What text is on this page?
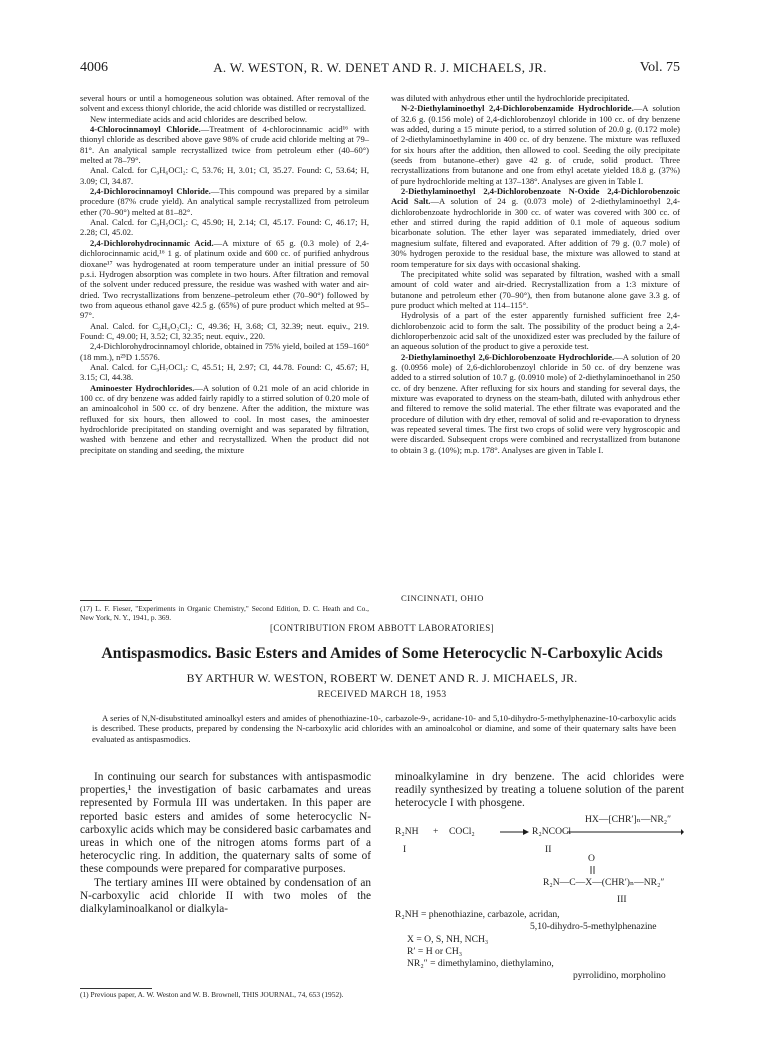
4006	A. W. WESTON, R. W. DENET AND R. J. MICHAELS, JR.	Vol. 75

several hours or until a homogeneous solution was obtained. After removal of the solvent and excess thionyl chloride, the acid chloride was distilled or recrystallized.

New intermediate acids and acid chlorides are described below.

4-Chlorocinnamoyl Chloride.—Treatment of 4-chlorocinnamic acid¹⁶ with thionyl chloride as described above gave 98% of crude acid chloride melting at 79–81°. An analytical sample recrystallized twice from petroleum ether (40–60°) melted at 78–79°.

Anal. Calcd. for C₉H₆OCl₂: C, 53.76; H, 3.01; Cl, 35.27. Found: C, 53.64; H, 3.09; Cl, 34.87.

2,4-Dichlorocinnamoyl Chloride.—This compound was prepared by a similar procedure (87% crude yield). An analytical sample recrystallized from petroleum ether (70–90°) melted at 81–82°.

Anal. Calcd. for C₉H₅OCl₃: C, 45.90; H, 2.14; Cl, 45.17. Found: C, 46.17; H, 2.28; Cl, 45.02.

2,4-Dichlorohydrocinnamic Acid.—A mixture of 65 g. (0.3 mole) of 2,4-dichlorocinnamic acid,¹⁶ 1 g. of platinum oxide and 600 cc. of purified anhydrous dioxane¹⁷ was hydrogenated at room temperature under an initial pressure of 50 p.s.i. Hydrogen absorption was complete in two hours. After filtration and removal of the solvent under reduced pressure, the residue was washed with water and air-dried. Two recrystallizations from benzene–petroleum ether (70–90°) followed by two from aqueous ethanol gave 42.5 g. (65%) of pure product which melted at 95–97°.

Anal. Calcd. for C₉H₈O₂Cl₂: C, 49.36; H, 3.68; Cl, 32.39; neut. equiv., 219. Found: C, 49.00; H, 3.52; Cl, 32.35; neut. equiv., 220.

2,4-Dichlorohydrocinnamoyl chloride, obtained in 75% yield, boiled at 159–160° (18 mm.), n²⁵D 1.5576.

Anal. Calcd. for C₉H₇OCl₃: C, 45.51; H, 2.97; Cl, 44.78. Found: C, 45.67; H, 3.15; Cl, 44.38.

Aminoester Hydrochlorides.—A solution of 0.21 mole of an acid chloride in 100 cc. of dry benzene was added fairly rapidly to a stirred solution of 0.20 mole of an aminoalcohol in 500 cc. of dry benzene. After the addition, the mixture was refluxed for six hours, then allowed to cool. In most cases, the aminoester hydrochloride precipitated on standing overnight and was separated by filtration, washed with benzene and ether and recrystallized. When the product did not precipitate on standing and seeding, the mixture

was diluted with anhydrous ether until the hydrochloride precipitated.

N-2-Diethylaminoethyl 2,4-Dichlorobenzamide Hydrochloride.—A solution of 32.6 g. (0.156 mole) of 2,4-dichlorobenzoyl chloride in 100 cc. of dry benzene was added, during a 15 minute period, to a stirred solution of 20.0 g. (0.172 mole) of 2-diethylaminoethylamine in 400 cc. of dry benzene. The mixture was refluxed for six hours after the addition, then allowed to cool. Seeding the oily precipitate (seeds from butanone–ether) gave 42 g. of crude, solid product. Three recrystallizations from butanone and one from ethyl acetate yielded 18.8 g. (37%) of pure hydrochloride melting at 137–138°. Analyses are given in Table I.

2-Diethylaminoethyl 2,4-Dichlorobenzoate N-Oxide 2,4-Dichlorobenzoic Acid Salt.—A solution of 24 g. (0.073 mole) of 2-diethylaminoethyl 2,4-dichlorobenzoate hydrochloride in 300 cc. of water was covered with 300 cc. of ether and stirred during the rapid addition of 0.1 mole of aqueous sodium bicarbonate solution. The ether layer was separated immediately, dried over magnesium sulfate, filtered and evaporated. After addition of 79 g. (0.7 mole) of 30% hydrogen peroxide to the residual base, the mixture was allowed to stand at room temperature for six days with occasional shaking.

The precipitated white solid was separated by filtration, washed with a small amount of cold water and air-dried. Recrystallization from a 1:3 mixture of butanone and petroleum ether (70–90°), then from butanone alone gave 3.3 g. of pure product which melted at 114–115°.

Hydrolysis of a part of the ester apparently furnished sufficient free 2,4-dichlorobenzoic acid to form the salt. The possibility of the product being a 2,4-dichloroperbenzoic acid salt of the unoxidized ester was precluded by the failure of an aqueous solution of the product to give a peroxide test.

2-Diethylaminoethyl 2,6-Dichlorobenzoate Hydrochloride.—A solution of 20 g. (0.0956 mole) of 2,6-dichlorobenzoyl chloride in 50 cc. of dry benzene was added to a stirred solution of 10.7 g. (0.0910 mole) of 2-diethylaminoethanol in 250 cc. of dry benzene. After refluxing for six hours and standing for several days, the mixture was evaporated to dryness on the steam-bath, diluted with anhydrous ether and filtered to remove the solid material. The ether filtrate was evaporated and the procedure of dilution with dry ether, removal of solid and re-evaporation to dryness was repeated several times. The first two crops of solid were very hygroscopic and were discarded. Subsequent crops were combined and recrystallized from butanone to obtain 3 g. (10%); m.p. 178°. Analyses are given in Table I.

(17) L. F. Fieser, "Experiments in Organic Chemistry," Second Edition, D. C. Heath and Co., New York, N. Y., 1941, p. 369.
CINCINNATI, OHIO
[CONTRIBUTION FROM ABBOTT LABORATORIES]
Antispasmodics. Basic Esters and Amides of Some Heterocyclic N-Carboxylic Acids
BY ARTHUR W. WESTON, ROBERT W. DENET AND R. J. MICHAELS, JR.
RECEIVED MARCH 18, 1953
A series of N,N-disubstituted aminoalkyl esters and amides of phenothiazine-10-, carbazole-9-, acridane-10- and 5,10-dihydro-5-methylphenazine-10-carboxylic acids is described. These products, prepared by condensing the N-carboxylic acid chlorides with an aminoalcohol or diamine, and some of their quaternary salts have been evaluated as antispasmodics.

In continuing our search for substances with antispasmodic properties,¹ the investigation of basic carbamates and ureas represented by Formula III was undertaken. In this paper are reported basic esters and amides of some heterocyclic N-carboxylic acids which may be considered basic carbamates and ureas in which one of the nitrogen atoms forms part of a heterocyclic ring. In addition, the quaternary salts of some of these compounds were prepared for comparative purposes.

The tertiary amines III were obtained by condensation of an N-carboxylic acid chloride II with two moles of the dialkylaminoalkanol or dialkyla-

minoalkylamine in dry benzene. The acid chlorides were readily synthesized by treating a toluene solution of the parent heterocycle I with phosgene.

(1) Previous paper, A. W. Weston and W. B. Brownell, THIS JOURNAL, 74, 653 (1952).
R₂NH + COCl₂	R₂NCOCl
I	II
HX—[CHR′]ₙ—NR₂″
O
R₂N—C—X—(CHR′)ₙ—NR₂″
III
R₂NH = phenothiazine, carbazole, acridan,
5,10-dihydro-5-methylphenazine
X = O, S, NH, NCH₃
R′ = H or CH₃
NR₂″ = dimethylamino, diethylamino,
pyrrolidino, morpholino
